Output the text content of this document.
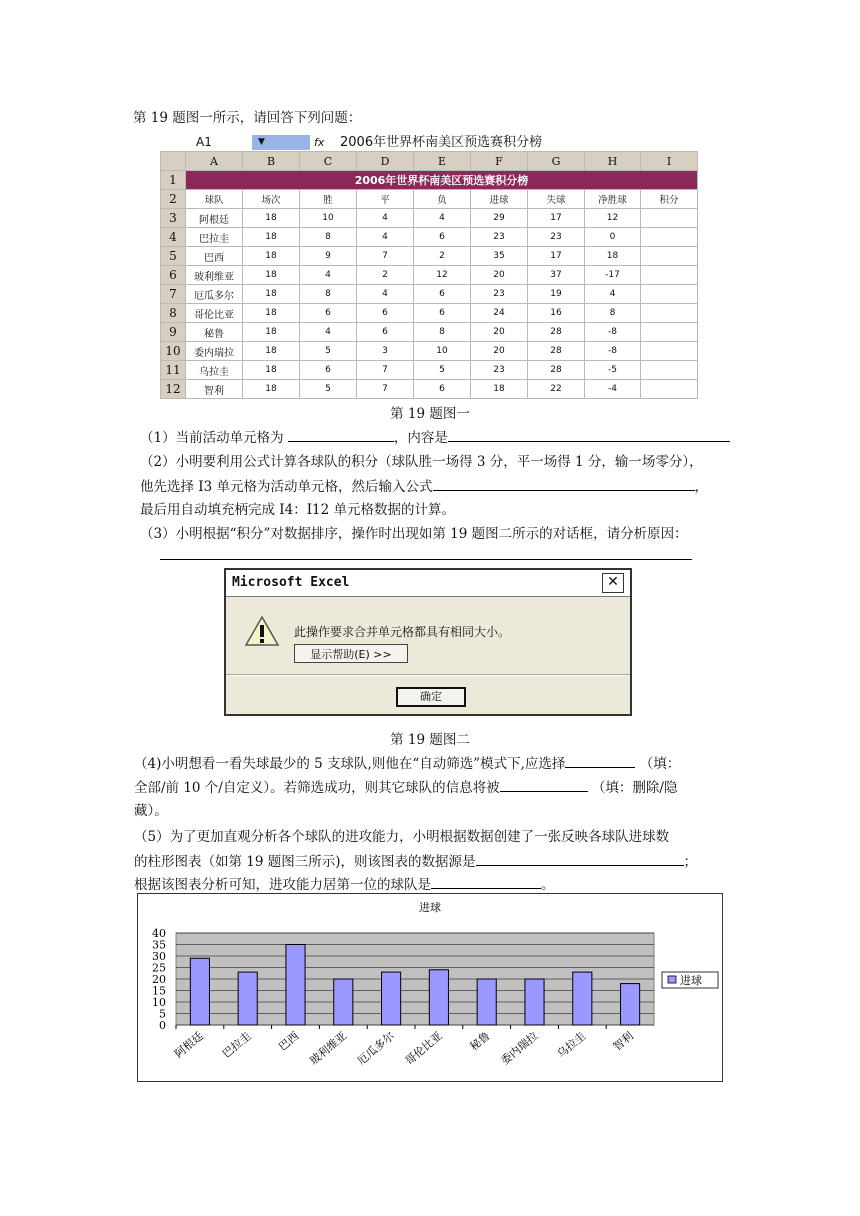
第 19 题图一所示，请回答下列问题：
A1	▼	fx	2006年世界杯南美区预选赛积分榜
	A	B	C	D	E	F	G	H	I
1	2006年世界杯南美区预选赛积分榜								
2	球队	场次	胜	平	负	进球	失球	净胜球	积分
3	阿根廷	18	10	4	4	29	17	12	
4	巴拉圭	18	8	4	6	23	23	0	
5	巴西	18	9	7	2	35	17	18	
6	玻利维亚	18	4	2	12	20	37	-17	
7	厄瓜多尔	18	8	4	6	23	19	4	
8	哥伦比亚	18	6	6	6	24	16	8	
9	秘鲁	18	4	6	8	20	28	-8	
10	委内瑞拉	18	5	3	10	20	28	-8	
11	乌拉圭	18	6	7	5	23	28	-5	
12	智利	18	5	7	6	18	22	-4	
第 19 题图一
（1）当前活动单元格为	，内容是
（2）小明要利用公式计算各球队的积分（球队胜一场得 3 分，平一场得 1 分，输一场零分），
他先选择 I3 单元格为活动单元格，然后输入公式	，
最后用自动填充柄完成 I4：I12 单元格数据的计算。
（3）小明根据“积分”对数据排序，操作时出现如第 19 题图二所示的对话框，请分析原因：
Microsoft Excel	✕
此操作要求合并单元格都具有相同大小。
显示帮助(E) >>
确定
第 19 题图二
（4)小明想看一看失球最少的 5 支球队,则他在“自动筛选”模式下,应选择	（填：
全部/前 10 个/自定义）。若筛选成功，则其它球队的信息将被	（填：删除/隐
藏）。
（5）为了更加直观分析各个球队的进攻能力，小明根据数据创建了一张反映各球队进球数
的柱形图表（如第 19 题图三所示)，则该图表的数据源是	；
根据该图表分析可知，进攻能力居第一位的球队是	。
进球
0
5
10
15
20
25
30
35
40
阿根廷 巴拉圭 巴西 玻利维亚 厄瓜多尔 哥伦比亚 秘鲁 委内瑞拉 乌拉圭 智利
进球
